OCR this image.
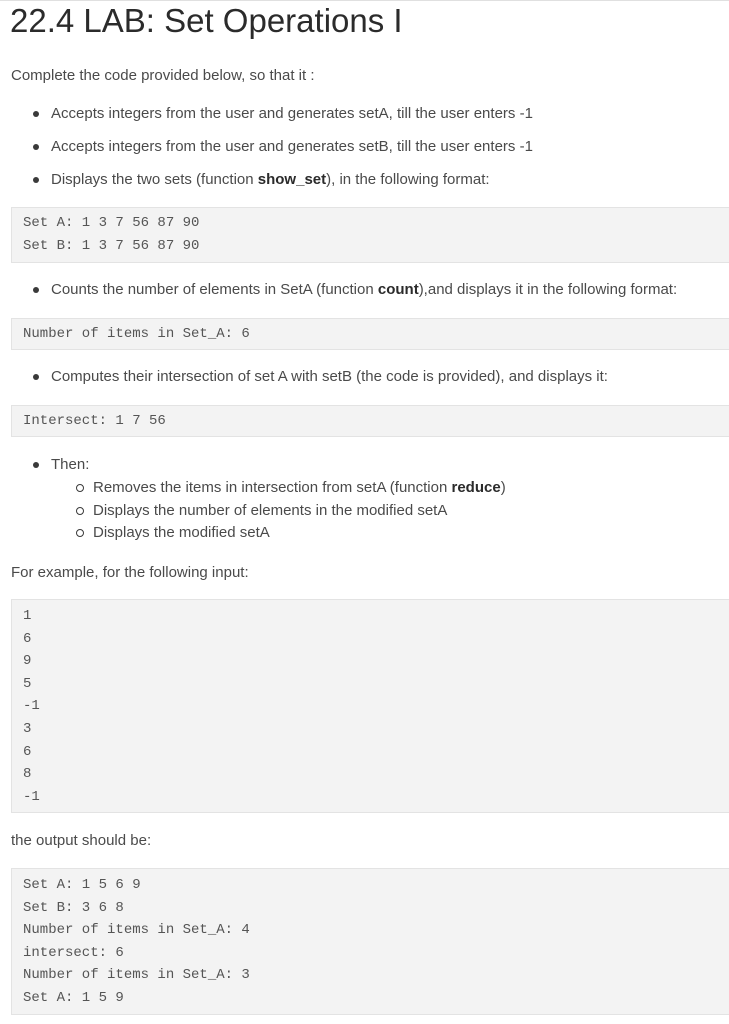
22.4 LAB: Set Operations I

Complete the code provided below, so that it :

Accepts integers from the user and generates setA, till the user enters -1
Accepts integers from the user and generates setB, till the user enters -1
Displays the two sets (function show_set), in the following format:
Set A: 1 3 7 56 87 90
Set B: 1 3 7 56 87 90
Counts the number of elements in SetA (function count),and displays it in the following format:
Number of items in Set_A: 6
Computes their intersection of set A with setB (the code is provided), and displays it:
Intersect: 1 7 56
Then:
Removes the items in intersection from setA (function reduce)
Displays the number of elements in the modified setA
Displays the modified setA

For example, for the following input:

1
6
9
5
-1
3
6
8
-1

the output should be:

Set A: 1 5 6 9
Set B: 3 6 8
Number of items in Set_A: 4
intersect: 6
Number of items in Set_A: 3
Set A: 1 5 9
